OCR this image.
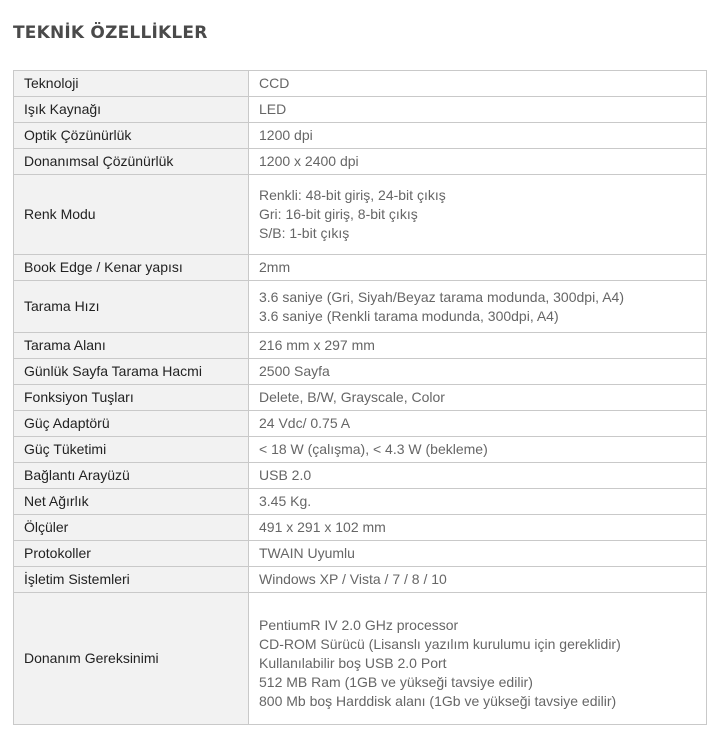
TEKNİK ÖZELLİKLER
Teknoloji	CCD

Işık Kaynağı	LED

Optik Çözünürlük	1200 dpi

Donanımsal Çözünürlük	1200 x 2400 dpi

Renk Modu	Renkli: 48-bit giriş, 24-bit çıkış
Gri: 16-bit giriş, 8-bit çıkış
S/B: 1-bit çıkış

Book Edge / Kenar yapısı	2mm

Tarama Hızı	3.6 saniye (Gri, Siyah/Beyaz tarama modunda, 300dpi, A4)
3.6 saniye (Renkli tarama modunda, 300dpi, A4)

Tarama Alanı	216 mm x 297 mm

Günlük Sayfa Tarama Hacmi	2500 Sayfa

Fonksiyon Tuşları	Delete, B/W, Grayscale, Color

Güç Adaptörü	24 Vdc/ 0.75 A

Güç Tüketimi	< 18 W (çalışma), < 4.3 W (bekleme)

Bağlantı Arayüzü	USB 2.0

Net Ağırlık	3.45 Kg.

Ölçüler	491 x 291 x 102 mm

Protokoller	TWAIN Uyumlu

İşletim Sistemleri	Windows XP / Vista / 7 / 8 / 10

Donanım Gereksinimi	PentiumR IV 2.0 GHz processor
CD-ROM Sürücü (Lisanslı yazılım kurulumu için gereklidir)
Kullanılabilir boş USB 2.0 Port
512 MB Ram (1GB ve yükseği tavsiye edilir)
800 Mb boş Harddisk alanı (1Gb ve yükseği tavsiye edilir)
